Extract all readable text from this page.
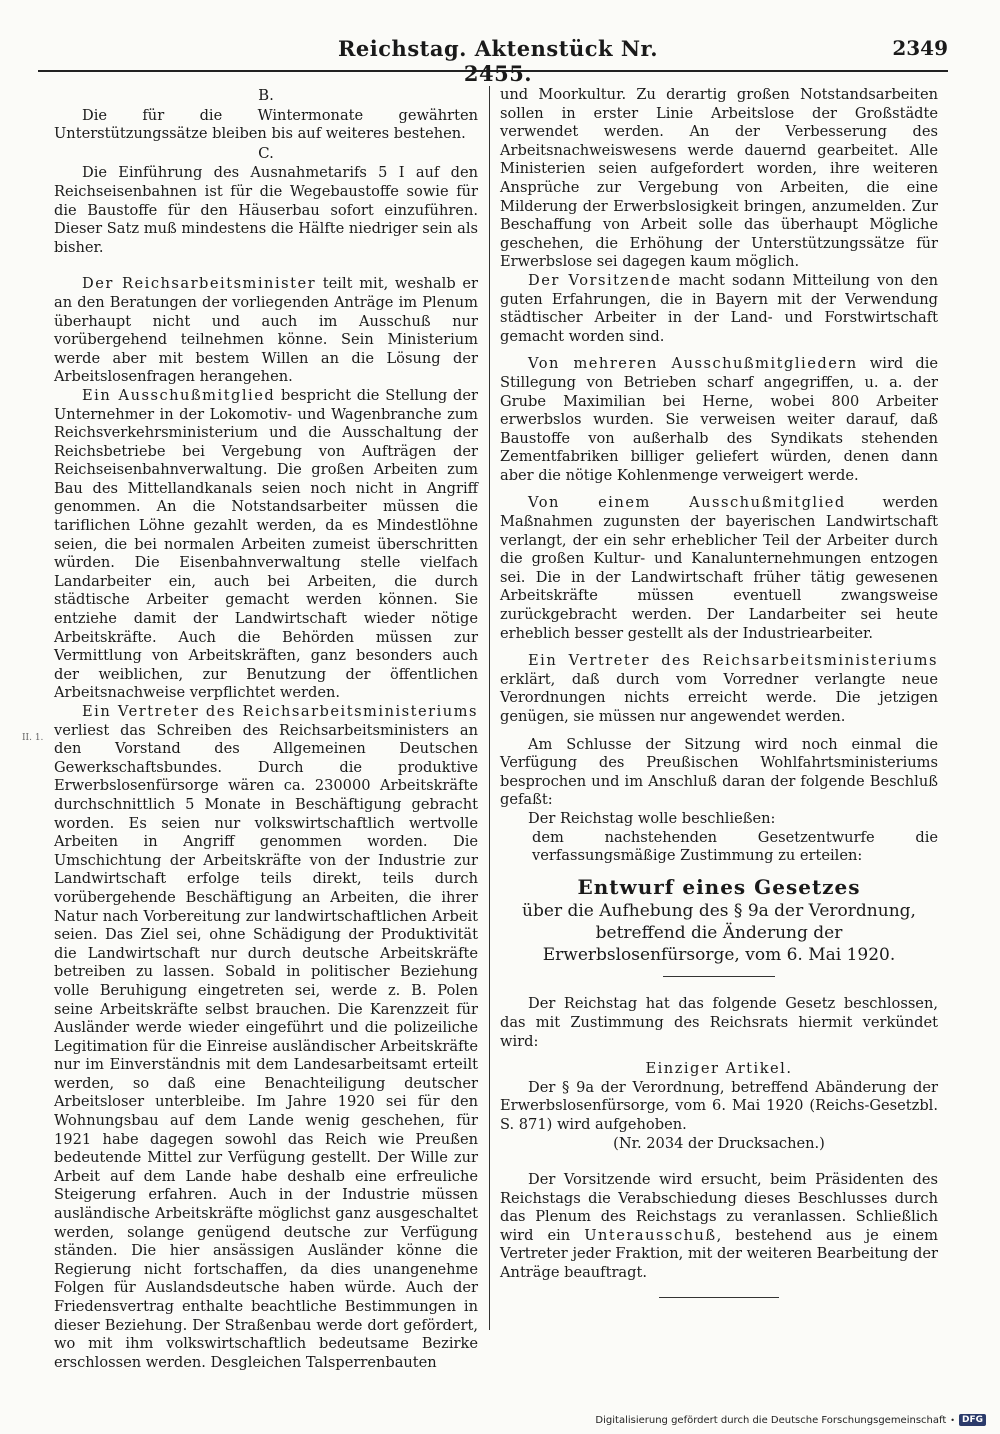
Reichstag. Aktenstück Nr. 2455.
2349
II. 1.

B.

Die für die Wintermonate gewährten Unterstützungssätze bleiben bis auf weiteres bestehen.

C.

Die Einführung des Ausnahmetarifs 5 I auf den Reichseisenbahnen ist für die Wegebaustoffe sowie für die Baustoffe für den Häuserbau sofort einzuführen. Dieser Satz muß mindestens die Hälfte niedriger sein als bisher.

Der Reichsarbeitsminister teilt mit, weshalb er an den Beratungen der vorliegenden Anträge im Plenum überhaupt nicht und auch im Ausschuß nur vorübergehend teilnehmen könne. Sein Ministerium werde aber mit bestem Willen an die Lösung der Arbeitslosenfragen herangehen.

Ein Ausschußmitglied bespricht die Stellung der Unternehmer in der Lokomotiv- und Wagenbranche zum Reichsverkehrsministerium und die Ausschaltung der Reichsbetriebe bei Vergebung von Aufträgen der Reichseisenbahnverwaltung. Die großen Arbeiten zum Bau des Mittellandkanals seien noch nicht in Angriff genommen. An die Notstandsarbeiter müssen die tariflichen Löhne gezahlt werden, da es Mindestlöhne seien, die bei normalen Arbeiten zumeist überschritten würden. Die Eisenbahnverwaltung stelle vielfach Landarbeiter ein, auch bei Arbeiten, die durch städtische Arbeiter gemacht werden können. Sie entziehe damit der Landwirtschaft wieder nötige Arbeitskräfte. Auch die Behörden müssen zur Vermittlung von Arbeitskräften, ganz besonders auch der weiblichen, zur Benutzung der öffentlichen Arbeitsnachweise verpflichtet werden.

Ein Vertreter des Reichsarbeitsministeriums verliest das Schreiben des Reichsarbeitsministers an den Vorstand des Allgemeinen Deutschen Gewerkschaftsbundes. Durch die produktive Erwerbslosenfürsorge wären ca. 230000 Arbeitskräfte durchschnittlich 5 Monate in Beschäftigung gebracht worden. Es seien nur volkswirtschaftlich wertvolle Arbeiten in Angriff genommen worden. Die Umschichtung der Arbeitskräfte von der Industrie zur Landwirtschaft erfolge teils direkt, teils durch vorübergehende Beschäftigung an Arbeiten, die ihrer Natur nach Vorbereitung zur landwirtschaftlichen Arbeit seien. Das Ziel sei, ohne Schädigung der Produktivität die Landwirtschaft nur durch deutsche Arbeitskräfte betreiben zu lassen. Sobald in politischer Beziehung volle Beruhigung eingetreten sei, werde z. B. Polen seine Arbeitskräfte selbst brauchen. Die Karenzzeit für Ausländer werde wieder eingeführt und die polizeiliche Legitimation für die Einreise ausländischer Arbeitskräfte nur im Einverständnis mit dem Landesarbeitsamt erteilt werden, so daß eine Benachteiligung deutscher Arbeitsloser unterbleibe. Im Jahre 1920 sei für den Wohnungsbau auf dem Lande wenig geschehen, für 1921 habe dagegen sowohl das Reich wie Preußen bedeutende Mittel zur Verfügung gestellt. Der Wille zur Arbeit auf dem Lande habe deshalb eine erfreuliche Steigerung erfahren. Auch in der Industrie müssen ausländische Arbeitskräfte möglichst ganz ausgeschaltet werden, solange genügend deutsche zur Verfügung ständen. Die hier ansässigen Ausländer könne die Regierung nicht fortschaffen, da dies unangenehme Folgen für Auslandsdeutsche haben würde. Auch der Friedensvertrag enthalte beachtliche Bestimmungen in dieser Beziehung. Der Straßenbau werde dort gefördert, wo mit ihm volkswirtschaftlich bedeutsame Bezirke erschlossen werden. Desgleichen Talsperrenbauten

und Moorkultur. Zu derartig großen Notstandsarbeiten sollen in erster Linie Arbeitslose der Großstädte verwendet werden. An der Verbesserung des Arbeitsnachweiswesens werde dauernd gearbeitet. Alle Ministerien seien aufgefordert worden, ihre weiteren Ansprüche zur Vergebung von Arbeiten, die eine Milderung der Erwerbslosigkeit bringen, anzumelden. Zur Beschaffung von Arbeit solle das überhaupt Mögliche geschehen, die Erhöhung der Unterstützungssätze für Erwerbslose sei dagegen kaum möglich.

Der Vorsitzende macht sodann Mitteilung von den guten Erfahrungen, die in Bayern mit der Verwendung städtischer Arbeiter in der Land- und Forstwirtschaft gemacht worden sind.

Von mehreren Ausschußmitgliedern wird die Stillegung von Betrieben scharf angegriffen, u. a. der Grube Maximilian bei Herne, wobei 800 Arbeiter erwerbslos wurden. Sie verweisen weiter darauf, daß Baustoffe von außerhalb des Syndikats stehenden Zementfabriken billiger geliefert würden, denen dann aber die nötige Kohlenmenge verweigert werde.

Von einem Ausschußmitglied werden Maßnahmen zugunsten der bayerischen Landwirtschaft verlangt, der ein sehr erheblicher Teil der Arbeiter durch die großen Kultur- und Kanalunternehmungen entzogen sei. Die in der Landwirtschaft früher tätig gewesenen Arbeitskräfte müssen eventuell zwangsweise zurückgebracht werden. Der Landarbeiter sei heute erheblich besser gestellt als der Industriearbeiter.

Ein Vertreter des Reichsarbeitsministeriums erklärt, daß durch vom Vorredner verlangte neue Verordnungen nichts erreicht werde. Die jetzigen genügen, sie müssen nur angewendet werden.

Am Schlusse der Sitzung wird noch einmal die Verfügung des Preußischen Wohlfahrtsministeriums besprochen und im Anschluß daran der folgende Beschluß gefaßt:

Der Reichstag wolle beschließen:

dem nachstehenden Gesetzentwurfe die verfassungsmäßige Zustimmung zu erteilen:

Entwurf eines Gesetzes

über die Aufhebung des § 9a der Verordnung, betreffend die Änderung der Erwerbslosenfürsorge, vom 6. Mai 1920.

Der Reichstag hat das folgende Gesetz beschlossen, das mit Zustimmung des Reichsrats hiermit verkündet wird:

Einziger Artikel.

Der § 9a der Verordnung, betreffend Abänderung der Erwerbslosenfürsorge, vom 6. Mai 1920 (Reichs-Gesetzbl. S. 871) wird aufgehoben.

(Nr. 2034 der Drucksachen.)

Der Vorsitzende wird ersucht, beim Präsidenten des Reichstags die Verabschiedung dieses Beschlusses durch das Plenum des Reichstags zu veranlassen. Schließlich wird ein Unterausschuß, bestehend aus je einem Vertreter jeder Fraktion, mit der weiteren Bearbeitung der Anträge beauftragt.

Digitalisierung gefördert durch die Deutsche Forschungsgemeinschaft • DFG
